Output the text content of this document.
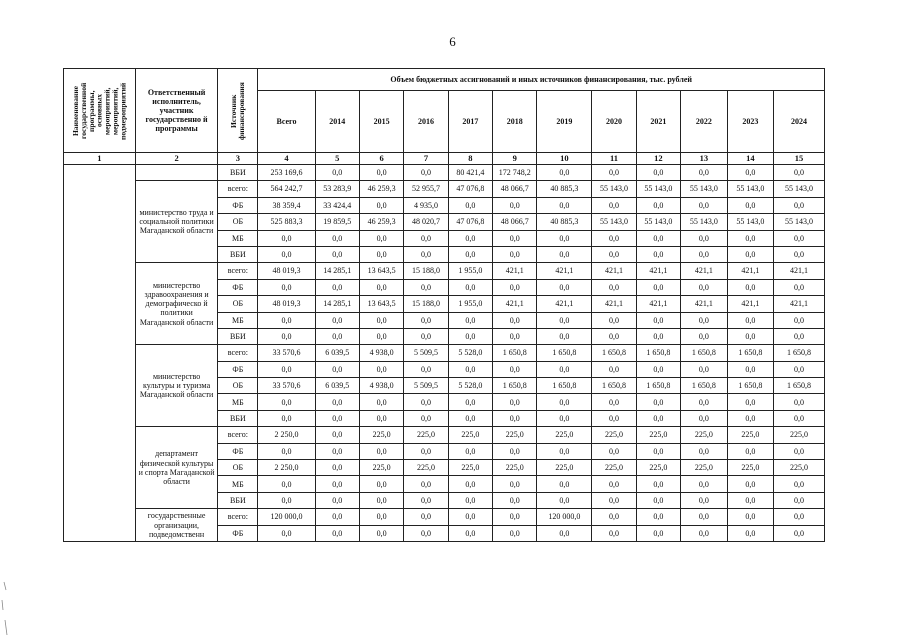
6
Наименование государственной программы, основных мероприятий, мероприятий, подмероприятий	Ответственный исполнитель, участник государственно й программы	Источник финансирования	Объем бюджетных ассигнований и иных источников финансирования, тыс. рублей											
			Всего	2014	2015	2016	2017	2018	2019	2020	2021	2022	2023	2024
1	2	3	4	5	6	7	8	9	10	11	12	13	14	15
		ВБИ	253 169,6	0,0	0,0	0,0	80 421,4	172 748,2	0,0	0,0	0,0	0,0	0,0	0,0
	министерство труда и социальной политики Магаданской области	всего:	564 242,7	53 283,9	46 259,3	52 955,7	47 076,8	48 066,7	40 885,3	55 143,0	55 143,0	55 143,0	55 143,0	55 143,0
		ФБ	38 359,4	33 424,4	0,0	4 935,0	0,0	0,0	0,0	0,0	0,0	0,0	0,0	0,0
		ОБ	525 883,3	19 859,5	46 259,3	48 020,7	47 076,8	48 066,7	40 885,3	55 143,0	55 143,0	55 143,0	55 143,0	55 143,0
		МБ	0,0	0,0	0,0	0,0	0,0	0,0	0,0	0,0	0,0	0,0	0,0	0,0
		ВБИ	0,0	0,0	0,0	0,0	0,0	0,0	0,0	0,0	0,0	0,0	0,0	0,0
	министерство здравоохранения и демографическо й политики Магаданской области	всего:	48 019,3	14 285,1	13 643,5	15 188,0	1 955,0	421,1	421,1	421,1	421,1	421,1	421,1	421,1
		ФБ	0,0	0,0	0,0	0,0	0,0	0,0	0,0	0,0	0,0	0,0	0,0	0,0
		ОБ	48 019,3	14 285,1	13 643,5	15 188,0	1 955,0	421,1	421,1	421,1	421,1	421,1	421,1	421,1
		МБ	0,0	0,0	0,0	0,0	0,0	0,0	0,0	0,0	0,0	0,0	0,0	0,0
		ВБИ	0,0	0,0	0,0	0,0	0,0	0,0	0,0	0,0	0,0	0,0	0,0	0,0
	министерство культуры и туризма Магаданской области	всего:	33 570,6	6 039,5	4 938,0	5 509,5	5 528,0	1 650,8	1 650,8	1 650,8	1 650,8	1 650,8	1 650,8	1 650,8
		ФБ	0,0	0,0	0,0	0,0	0,0	0,0	0,0	0,0	0,0	0,0	0,0	0,0
		ОБ	33 570,6	6 039,5	4 938,0	5 509,5	5 528,0	1 650,8	1 650,8	1 650,8	1 650,8	1 650,8	1 650,8	1 650,8
		МБ	0,0	0,0	0,0	0,0	0,0	0,0	0,0	0,0	0,0	0,0	0,0	0,0
		ВБИ	0,0	0,0	0,0	0,0	0,0	0,0	0,0	0,0	0,0	0,0	0,0	0,0
	департамент физической культуры и спорта Магаданской области	всего:	2 250,0	0,0	225,0	225,0	225,0	225,0	225,0	225,0	225,0	225,0	225,0	225,0
		ФБ	0,0	0,0	0,0	0,0	0,0	0,0	0,0	0,0	0,0	0,0	0,0	0,0
		ОБ	2 250,0	0,0	225,0	225,0	225,0	225,0	225,0	225,0	225,0	225,0	225,0	225,0
		МБ	0,0	0,0	0,0	0,0	0,0	0,0	0,0	0,0	0,0	0,0	0,0	0,0
		ВБИ	0,0	0,0	0,0	0,0	0,0	0,0	0,0	0,0	0,0	0,0	0,0	0,0
	государственные организации, подведомственн	всего:	120 000,0	0,0	0,0	0,0	0,0	0,0	120 000,0	0,0	0,0	0,0	0,0	0,0
		ФБ	0,0	0,0	0,0	0,0	0,0	0,0	0,0	0,0	0,0	0,0	0,0	0,0
